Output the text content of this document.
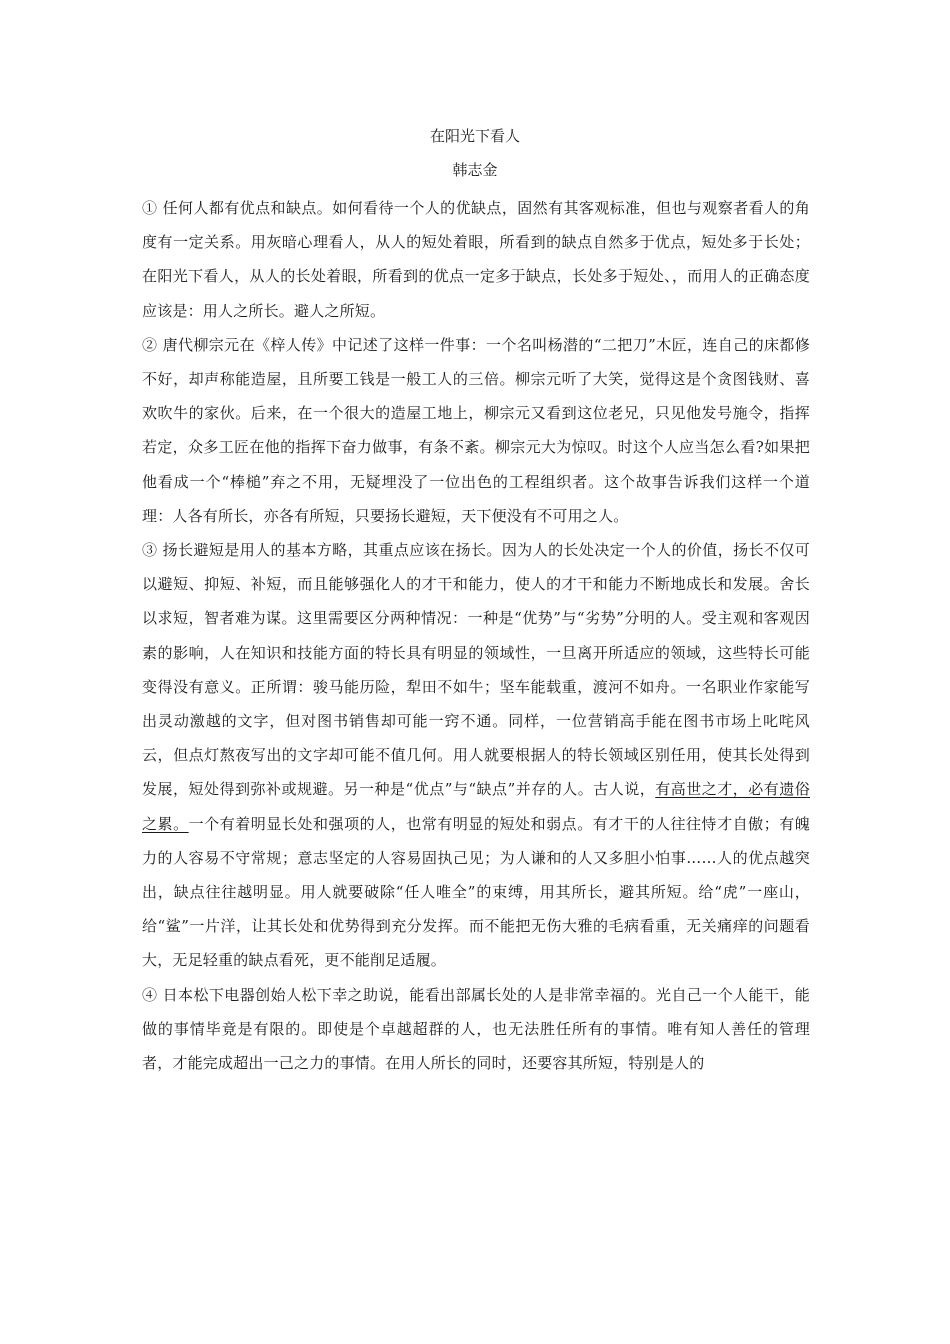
在阳光下看人
韩志金

① 任何人都有优点和缺点。如何看待一个人的优缺点，固然有其客观标准，但也与观察者看人的角度有一定关系。用灰暗心理看人，从人的短处着眼，所看到的缺点自然多于优点，短处多于长处；在阳光下看人，从人的长处着眼，所看到的优点一定多于缺点，长处多于短处、，而用人的正确态度应该是：用人之所长。避人之所短。

② 唐代柳宗元在《梓人传》中记述了这样一件事：一个名叫杨潜的“二把刀”木匠，连自己的床都修不好，却声称能造屋，且所要工钱是一般工人的三倍。柳宗元听了大笑，觉得这是个贪图钱财、喜欢吹牛的家伙。后来，在一个很大的造屋工地上，柳宗元又看到这位老兄，只见他发号施令，指挥若定，众多工匠在他的指挥下奋力做事，有条不紊。柳宗元大为惊叹。时这个人应当怎么看?如果把他看成一个“棒槌”弃之不用，无疑埋没了一位出色的工程组织者。这个故事告诉我们这样一个道理：人各有所长，亦各有所短，只要扬长避短，天下便没有不可用之人。

③ 扬长避短是用人的基本方略，其重点应该在扬长。因为人的长处决定一个人的价值，扬长不仅可以避短、抑短、补短，而且能够强化人的才干和能力，使人的才干和能力不断地成长和发展。舍长以求短，智者难为谋。这里需要区分两种情况：一种是“优势”与“劣势”分明的人。受主观和客观因素的影响，人在知识和技能方面的特长具有明显的领域性，一旦离开所适应的领域，这些特长可能变得没有意义。正所谓：骏马能历险，犁田不如牛；坚车能载重，渡河不如舟。一名职业作家能写出灵动激越的文字，但对图书销售却可能一窍不通。同样，一位营销高手能在图书市场上叱咤风云，但点灯熬夜写出的文字却可能不值几何。用人就要根据人的特长领域区别任用，使其长处得到发展，短处得到弥补或规避。另一种是“优点”与“缺点”并存的人。古人说，有高世之才，必有遗俗之累。一个有着明显长处和强项的人，也常有明显的短处和弱点。有才干的人往往恃才自傲；有魄力的人容易不守常规；意志坚定的人容易固执己见；为人谦和的人又多胆小怕事……人的优点越突出，缺点往往越明显。用人就要破除“任人唯全”的束缚，用其所长，避其所短。给“虎”一座山，给“鲨”一片洋，让其长处和优势得到充分发挥。而不能把无伤大雅的毛病看重，无关痛痒的问题看大，无足轻重的缺点看死，更不能削足适履。

④ 日本松下电器创始人松下幸之助说，能看出部属长处的人是非常幸福的。光自己一个人能干，能做的事情毕竟是有限的。即使是个卓越超群的人，也无法胜任所有的事情。唯有知人善任的管理者，才能完成超出一己之力的事情。在用人所长的同时，还要容其所短，特别是人的
